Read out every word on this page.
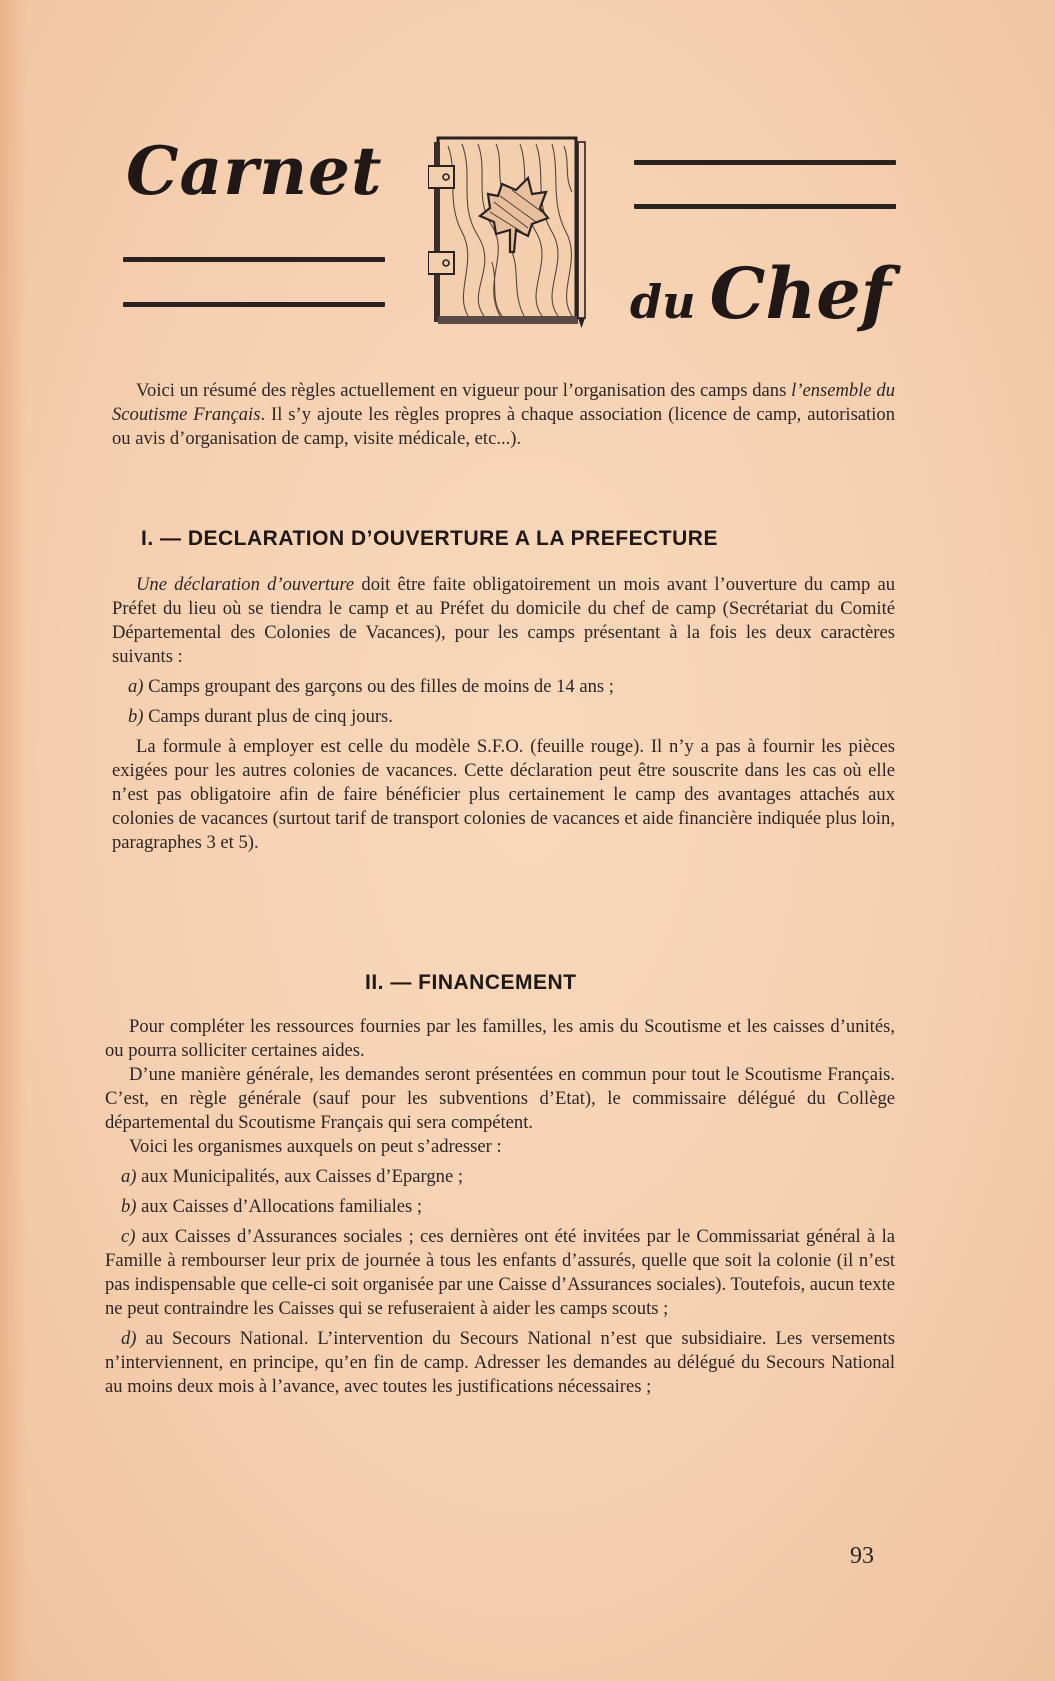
Carnet
du Chef

Voici un résumé des règles actuellement en vigueur pour l’organisation des camps dans l’ensemble du Scoutisme Français. Il s’y ajoute les règles propres à chaque association (licence de camp, autorisation ou avis d’organisation de camp, visite médicale, etc...).

I. — DECLARATION D’OUVERTURE A LA PREFECTURE

Une déclaration d’ouverture doit être faite obligatoirement un mois avant l’ouverture du camp au Préfet du lieu où se tiendra le camp et au Préfet du domicile du chef de camp (Secrétariat du Comité Départemental des Colonies de Vacances), pour les camps présentant à la fois les deux caractères suivants :

a) Camps groupant des garçons ou des filles de moins de 14 ans ;

b) Camps durant plus de cinq jours.

La formule à employer est celle du modèle S.F.O. (feuille rouge). Il n’y a pas à fournir les pièces exigées pour les autres colonies de vacances. Cette déclaration peut être souscrite dans les cas où elle n’est pas obligatoire afin de faire bénéficier plus certainement le camp des avantages attachés aux colonies de vacances (surtout tarif de transport colonies de vacances et aide financière indiquée plus loin, paragraphes 3 et 5).

II. — FINANCEMENT

Pour compléter les ressources fournies par les familles, les amis du Scoutisme et les caisses d’unités, ou pourra solliciter certaines aides.

D’une manière générale, les demandes seront présentées en commun pour tout le Scoutisme Français. C’est, en règle générale (sauf pour les subventions d’Etat), le commissaire délégué du Collège départemental du Scoutisme Français qui sera compétent.

Voici les organismes auxquels on peut s’adresser :

a) aux Municipalités, aux Caisses d’Epargne ;

b) aux Caisses d’Allocations familiales ;

c) aux Caisses d’Assurances sociales ; ces dernières ont été invitées par le Commissariat général à la Famille à rembourser leur prix de journée à tous les enfants d’assurés, quelle que soit la colonie (il n’est pas indispensable que celle-ci soit organisée par une Caisse d’Assurances sociales). Toutefois, aucun texte ne peut contraindre les Caisses qui se refuseraient à aider les camps scouts ;

d) au Secours National. L’intervention du Secours National n’est que subsidiaire. Les versements n’interviennent, en principe, qu’en fin de camp. Adresser les demandes au délégué du Secours National au moins deux mois à l’avance, avec toutes les justifications nécessaires ;

93
